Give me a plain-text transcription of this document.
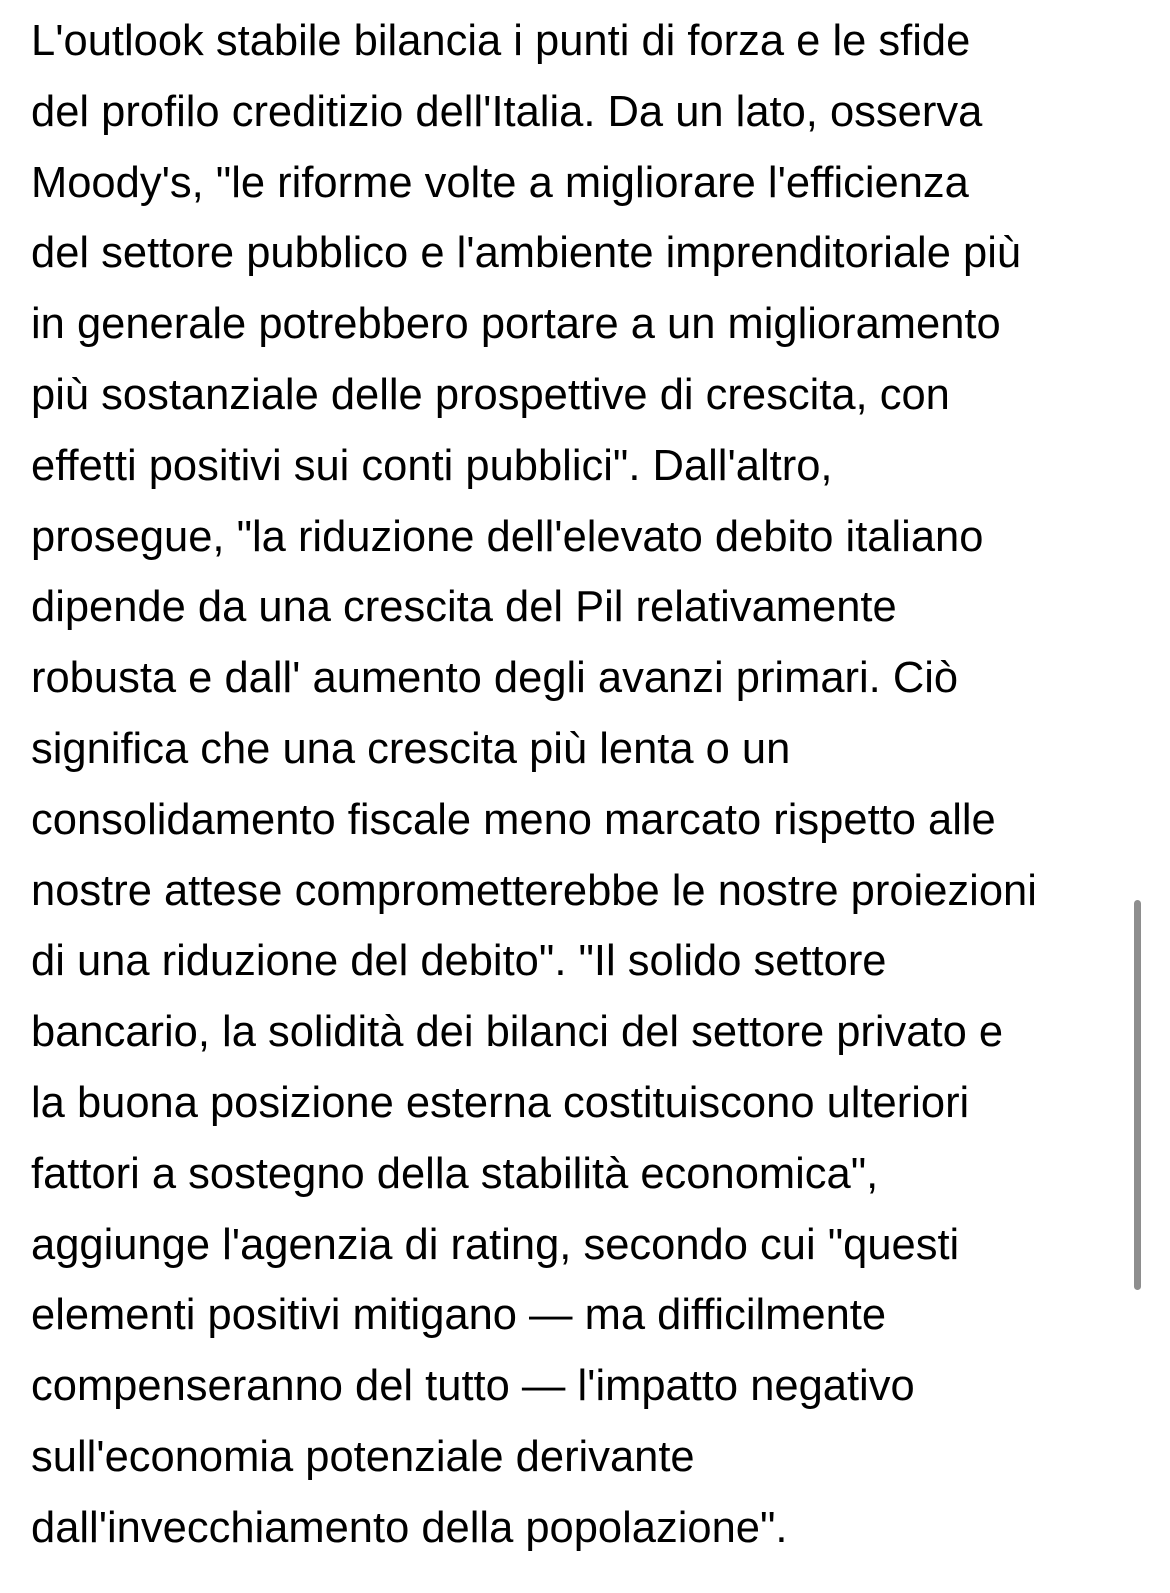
L'outlook stabile bilancia i punti di forza e le sfide
del profilo creditizio dell'Italia. Da un lato, osserva
Moody's, "le riforme volte a migliorare l'efficienza
del settore pubblico e l'ambiente imprenditoriale più
in generale potrebbero portare a un miglioramento
più sostanziale delle prospettive di crescita, con
effetti positivi sui conti pubblici". Dall'altro,
prosegue, "la riduzione dell'elevato debito italiano
dipende da una crescita del Pil relativamente
robusta e dall' aumento degli avanzi primari. Ciò
significa che una crescita più lenta o un
consolidamento fiscale meno marcato rispetto alle
nostre attese comprometterebbe le nostre proiezioni
di una riduzione del debito". "Il solido settore
bancario, la solidità dei bilanci del settore privato e
la buona posizione esterna costituiscono ulteriori
fattori a sostegno della stabilità economica",
aggiunge l'agenzia di rating, secondo cui "questi
elementi positivi mitigano — ma difficilmente
compenseranno del tutto — l'impatto negativo
sull'economia potenziale derivante
dall'invecchiamento della popolazione".
